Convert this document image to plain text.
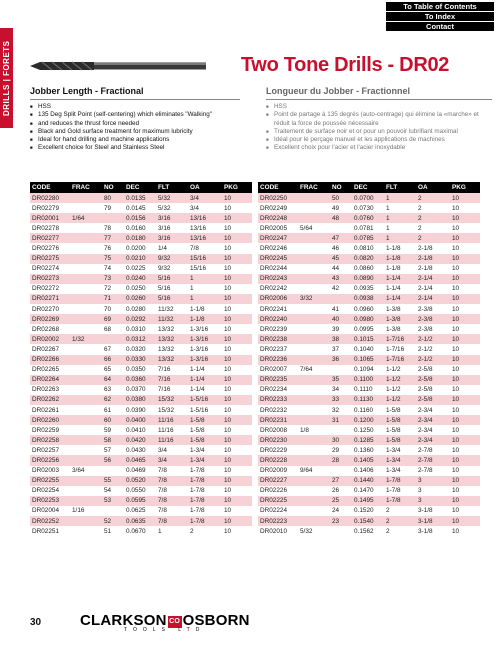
To Table of Contents
To Index
Contact
DRILLS | FORETS	Two Tone Drills - DR02
Jobber Length - Fractional
■ HSS
■ 135 Deg Split Point (self-centering) which eliminates "Walking"
■ and reduces the thrust force needed
■ Black and Gold surface treatment for maximum lubricity
■ Ideal for hand drilling and machine applications
■ Excellent choice for Steel and Stainless Steel
Longueur du Jobber - Fractionnel
■ HSS
■ Point de partage à 135 degrés (auto-centrage) qui élimine la «marche» et réduit la force de poussée nécessaire
■ Traitement de surface noir et or pour un pouvoir lubrifiant maximal
■ Idéal pour le perçage manuel et les applications de machines
■ Excellent choix pour l'acier et l'acier inoxydable
CODE	FRAC	NO	DEC	FLT	OA	PKG
DR02280		80	0.0135	5/32	3/4	10
DR02279		79	0.0145	5/32	3/4	10
DR02001	1/64		0.0156	3/16	13/16	10
DR02278		78	0.0160	3/16	13/16	10
DR02277		77	0.0180	3/16	13/16	10
DR02276		76	0.0200	1/4	7/8	10
DR02275		75	0.0210	9/32	15/16	10
DR02274		74	0.0225	9/32	15/16	10
DR02273		73	0.0240	5/16	1	10
DR02272		72	0.0250	5/16	1	10
DR02271		71	0.0260	5/16	1	10
DR02270		70	0.0280	11/32	1-1/8	10
DR02269		69	0.0292	11/32	1-1/8	10
DR02268		68	0.0310	13/32	1-3/16	10
DR02002	1/32		0.0312	13/32	1-3/16	10
DR02267		67	0.0320	13/32	1-3/16	10
DR02266		66	0.0330	13/32	1-3/16	10
DR02265		65	0.0350	7/16	1-1/4	10
DR02264		64	0.0360	7/16	1-1/4	10
DR02263		63	0.0370	7/16	1-1/4	10
DR02262		62	0.0380	15/32	1-5/16	10
DR02261		61	0.0390	15/32	1-5/16	10
DR02260		60	0.0400	11/16	1-5/8	10
DR02259		59	0.0410	11/16	1-5/8	10
DR02258		58	0.0420	11/16	1-5/8	10
DR02257		57	0.0430	3/4	1-3/4	10
DR02256		56	0.0465	3/4	1-3/4	10
DR02003	3/64		0.0469	7/8	1-7/8	10
DR02255		55	0.0520	7/8	1-7/8	10
DR02254		54	0.0550	7/8	1-7/8	10
DR02253		53	0.0595	7/8	1-7/8	10
DR02004	1/16		0.0625	7/8	1-7/8	10
DR02252		52	0.0635	7/8	1-7/8	10
DR02251		51	0.0670	1	2	10
CODE	FRAC	NO	DEC	FLT	OA	PKG
DR02250		50	0.0700	1	2	10
DR02249		49	0.0730	1	2	10
DR02248		48	0.0760	1	2	10
DR02005	5/64		0.0781	1	2	10
DR02247		47	0.0785	1	2	10
DR02246		46	0.0810	1-1/8	2-1/8	10
DR02245		45	0.0820	1-1/8	2-1/8	10
DR02244		44	0.0860	1-1/8	2-1/8	10
DR02243		43	0.0890	1-1/4	2-1/4	10
DR02242		42	0.0935	1-1/4	2-1/4	10
DR02006	3/32		0.0938	1-1/4	2-1/4	10
DR02241		41	0.0960	1-3/8	2-3/8	10
DR02240		40	0.0980	1-3/8	2-3/8	10
DR02239		39	0.0995	1-3/8	2-3/8	10
DR02238		38	0.1015	1-7/16	2-1/2	10
DR02237		37	0.1040	1-7/16	2-1/2	10
DR02236		36	0.1065	1-7/16	2-1/2	10
DR02007	7/64		0.1094	1-1/2	2-5/8	10
DR02235		35	0.1100	1-1/2	2-5/8	10
DR02234		34	0.1110	1-1/2	2-5/8	10
DR02233		33	0.1130	1-1/2	2-5/8	10
DR02232		32	0.1160	1-5/8	2-3/4	10
DR02231		31	0.1200	1-5/8	2-3/4	10
DR02008	1/8		0.1250	1-5/8	2-3/4	10
DR02230		30	0.1285	1-5/8	2-3/4	10
DR02229		29	0.1360	1-3/4	2-7/8	10
DR02228		28	0.1405	1-3/4	2-7/8	10
DR02009	9/64		0.1406	1-3/4	2-7/8	10
DR02227		27	0.1440	1-7/8	3	10
DR02226		26	0.1470	1-7/8	3	10
DR02225		25	0.1495	1-7/8	3	10
DR02224		24	0.1520	2	3-1/8	10
DR02223		23	0.1540	2	3-1/8	10
DR02010	5/32		0.1562	2	3-1/8	10
30	CLARKSON CO OSBORN
TOOLS LTD
